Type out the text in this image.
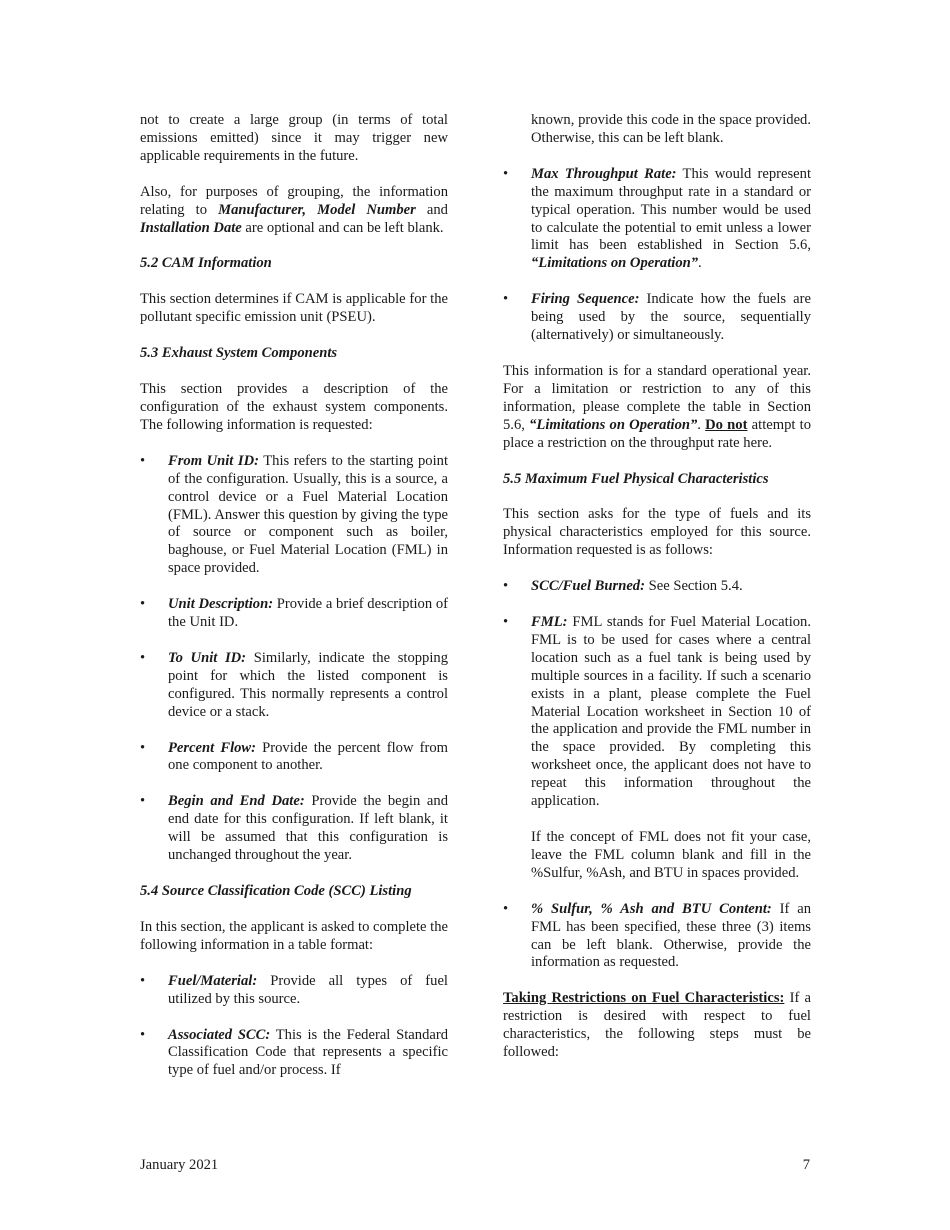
not to create a large group (in terms of total emissions emitted) since it may trigger new applicable requirements in the future.

Also, for purposes of grouping, the information relating to Manufacturer, Model Number and Installation Date are optional and can be left blank.

5.2 CAM Information

This section determines if CAM is applicable for the pollutant specific emission unit (PSEU).

5.3 Exhaust System Components

This section provides a description of the configuration of the exhaust system components. The following information is requested:

• From Unit ID: This refers to the starting point of the configuration. Usually, this is a source, a control device or a Fuel Material Location (FML). Answer this question by giving the type of source or component such as boiler, baghouse, or Fuel Material Location (FML) in space provided.
• Unit Description: Provide a brief description of the Unit ID.
• To Unit ID: Similarly, indicate the stopping point for which the listed component is configured. This normally represents a control device or a stack.
• Percent Flow: Provide the percent flow from one component to another.
• Begin and End Date: Provide the begin and end date for this configuration. If left blank, it will be assumed that this configuration is unchanged throughout the year.

5.4 Source Classification Code (SCC) Listing

In this section, the applicant is asked to complete the following information in a table format:

• Fuel/Material: Provide all types of fuel utilized by this source.
• Associated SCC: This is the Federal Standard Classification Code that represents a specific type of fuel and/or process. If

known, provide this code in the space provided. Otherwise, this can be left blank.

• Max Throughput Rate: This would represent the maximum throughput rate in a standard or typical operation. This number would be used to calculate the potential to emit unless a lower limit has been established in Section 5.6, “Limitations on Operation”.
• Firing Sequence: Indicate how the fuels are being used by the source, sequentially (alternatively) or simultaneously.

This information is for a standard operational year. For a limitation or restriction to any of this information, please complete the table in Section 5.6, “Limitations on Operation”. Do not attempt to place a restriction on the throughput rate here.

5.5 Maximum Fuel Physical Characteristics

This section asks for the type of fuels and its physical characteristics employed for this source. Information requested is as follows:

• SCC/Fuel Burned: See Section 5.4.
• FML: FML stands for Fuel Material Location. FML is to be used for cases where a central location such as a fuel tank is being used by multiple sources in a facility. If such a scenario exists in a plant, please complete the Fuel Material Location worksheet in Section 10 of the application and provide the FML number in the space provided. By completing this worksheet once, the applicant does not have to repeat this information throughout the application.

If the concept of FML does not fit your case, leave the FML column blank and fill in the %Sulfur, %Ash, and BTU in spaces provided.

• % Sulfur, % Ash and BTU Content: If an FML has been specified, these three (3) items can be left blank. Otherwise, provide the information as requested.

Taking Restrictions on Fuel Characteristics: If a restriction is desired with respect to fuel characteristics, the following steps must be followed:

January 2021	7
